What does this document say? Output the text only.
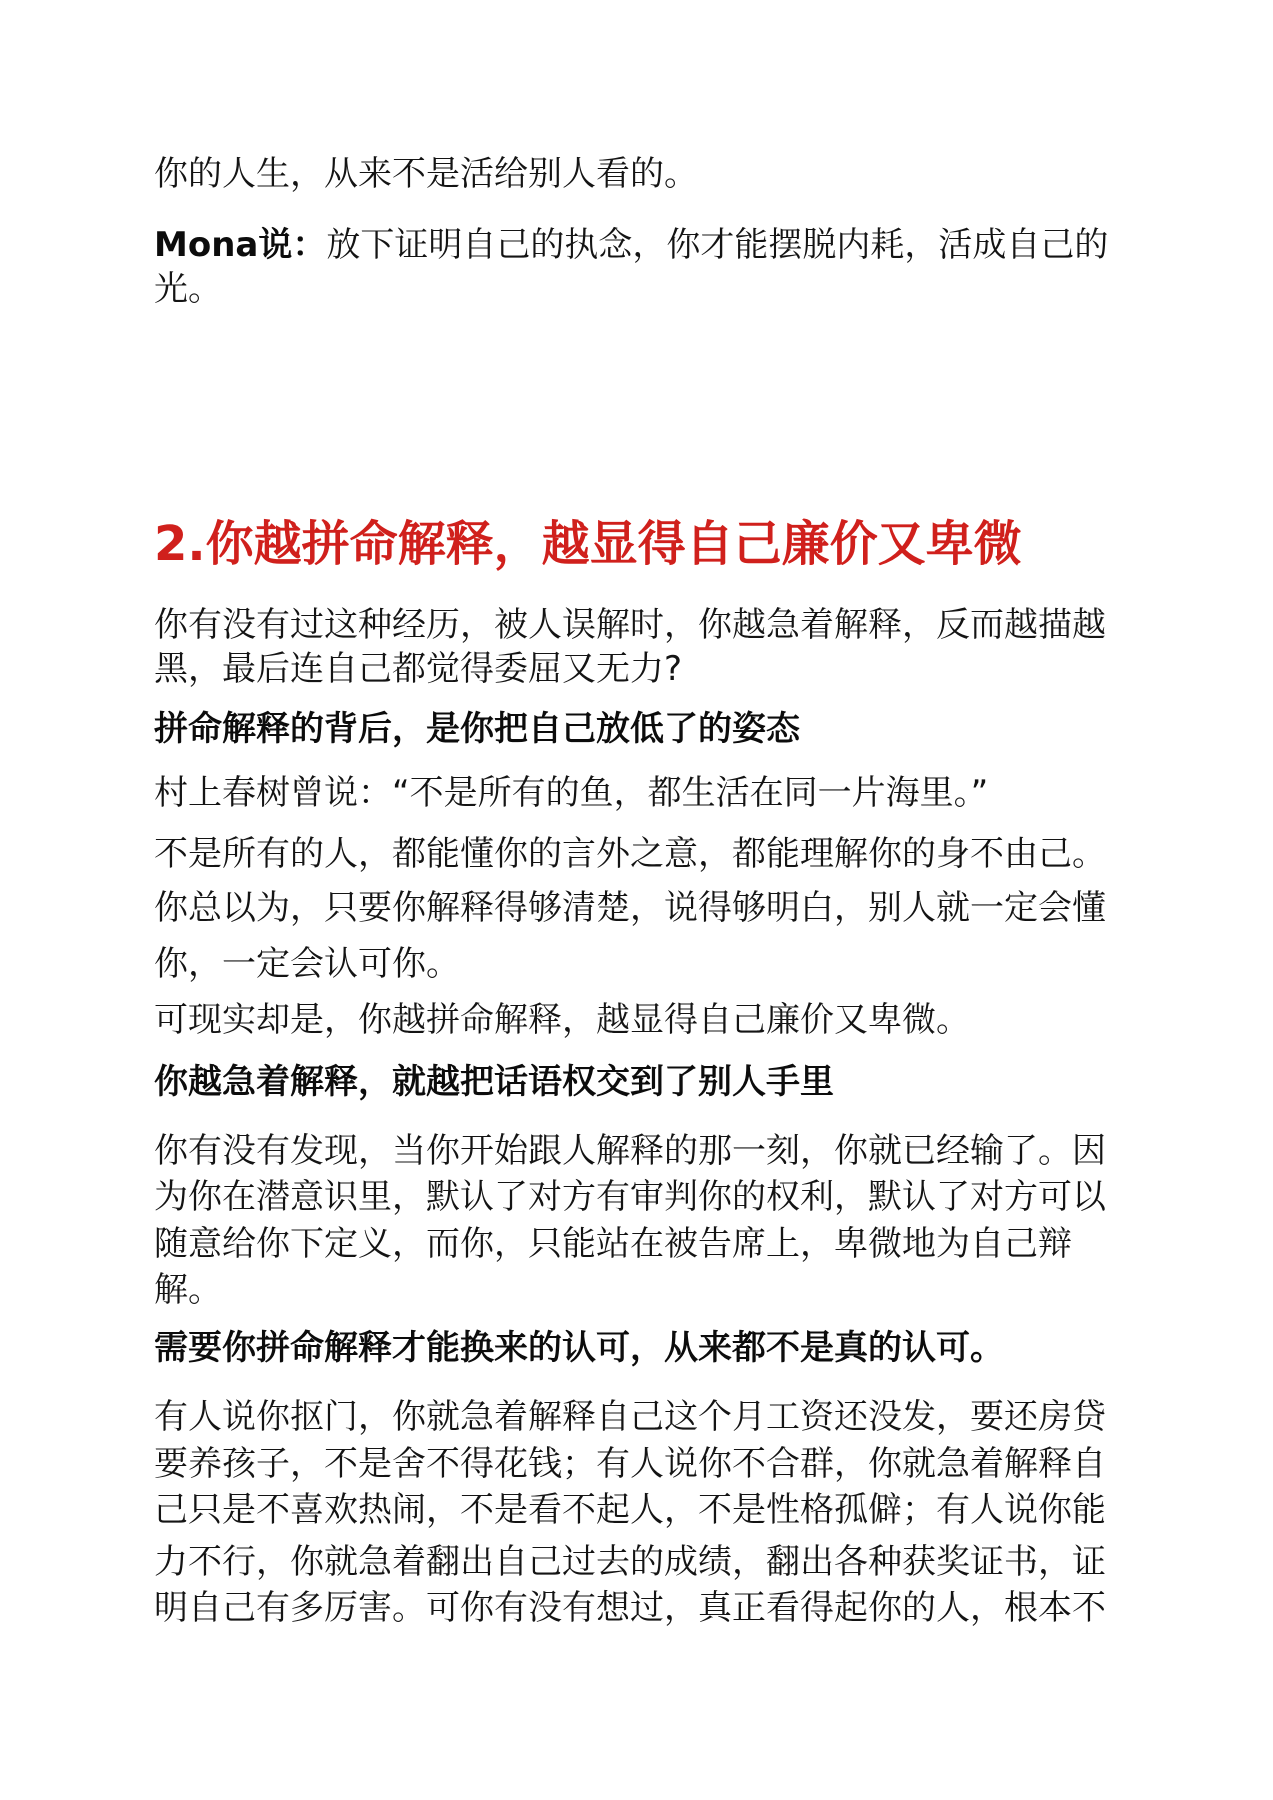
你的人生，从来不是活给别人看的。
Mona说：放下证明自己的执念，你才能摆脱内耗，活成自己的
光。
2.你越拼命解释，越显得自己廉价又卑微
你有没有过这种经历，被人误解时，你越急着解释，反而越描越
黑，最后连自己都觉得委屈又无力?
拼命解释的背后，是你把自己放低了的姿态
村上春树曾说：“不是所有的鱼，都生活在同一片海里。”
不是所有的人，都能懂你的言外之意，都能理解你的身不由己。
你总以为，只要你解释得够清楚，说得够明白，别人就一定会懂
你，一定会认可你。
可现实却是，你越拼命解释，越显得自己廉价又卑微。
你越急着解释，就越把话语权交到了别人手里
你有没有发现，当你开始跟人解释的那一刻，你就已经输了。因
为你在潜意识里，默认了对方有审判你的权利，默认了对方可以
随意给你下定义，而你，只能站在被告席上，卑微地为自己辩
解。
需要你拼命解释才能换来的认可，从来都不是真的认可。
有人说你抠门，你就急着解释自己这个月工资还没发，要还房贷
要养孩子，不是舍不得花钱；有人说你不合群，你就急着解释自
己只是不喜欢热闹，不是看不起人，不是性格孤僻；有人说你能
力不行，你就急着翻出自己过去的成绩，翻出各种获奖证书，证
明自己有多厉害。可你有没有想过，真正看得起你的人，根本不
